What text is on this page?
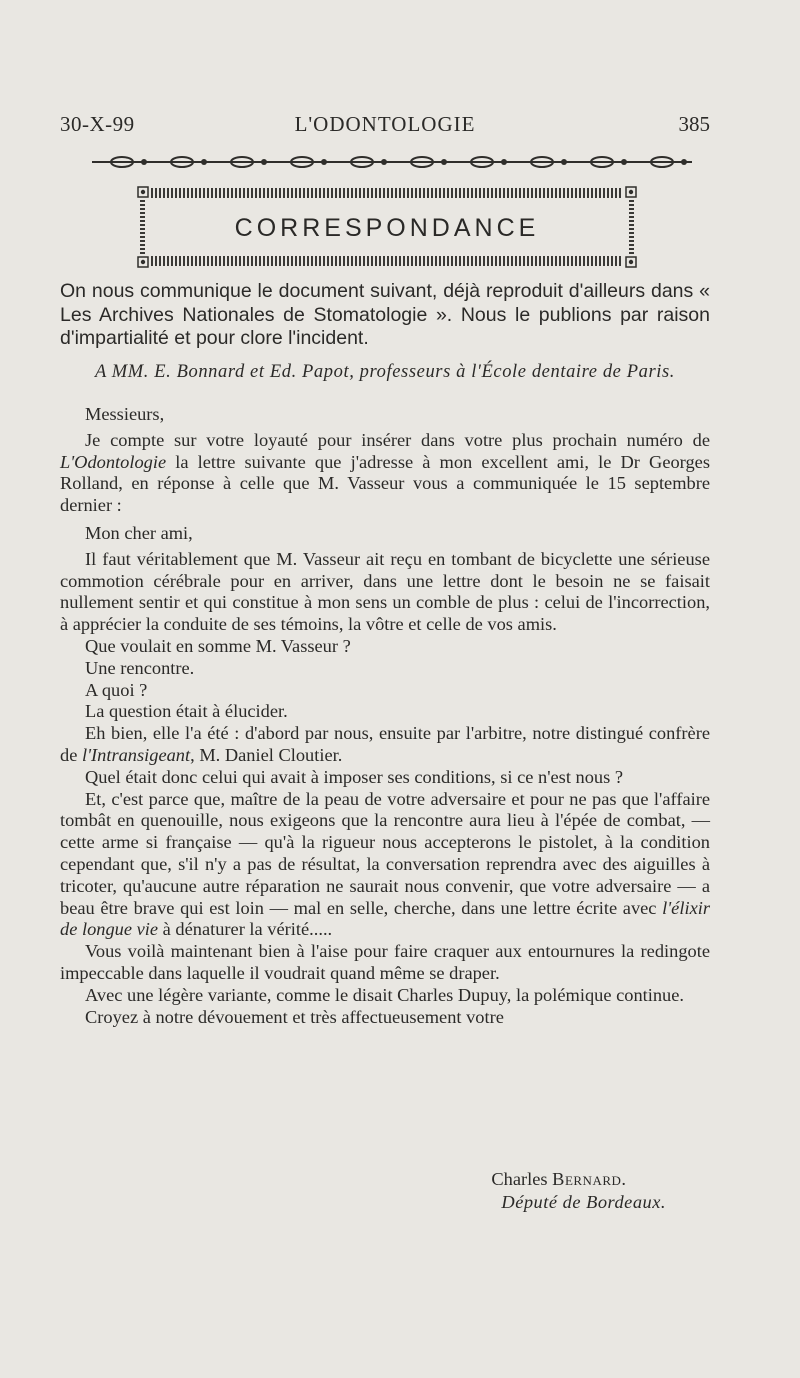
30-X-99	L'ODONTOLOGIE	385
CORRESPONDANCE

On nous communique le document suivant, déjà reproduit d'ailleurs dans « Les Archives Nationales de Stomatologie ». Nous le publions par raison d'impartialité et pour clore l'incident.

A MM. E. Bonnard et Ed. Papot, professeurs à l'École dentaire de Paris.

Messieurs,

Je compte sur votre loyauté pour insérer dans votre plus prochain numéro de L'Odontologie la lettre suivante que j'adresse à mon excellent ami, le Dr Georges Rolland, en réponse à celle que M. Vasseur vous a communiquée le 15 septembre dernier :

Mon cher ami,

Il faut véritablement que M. Vasseur ait reçu en tombant de bicyclette une sérieuse commotion cérébrale pour en arriver, dans une lettre dont le besoin ne se faisait nullement sentir et qui constitue à mon sens un comble de plus : celui de l'incorrection, à apprécier la conduite de ses témoins, la vôtre et celle de vos amis.

Que voulait en somme M. Vasseur ?

Une rencontre.

A quoi ?

La question était à élucider.

Eh bien, elle l'a été : d'abord par nous, ensuite par l'arbitre, notre distingué confrère de l'Intransigeant, M. Daniel Cloutier.

Quel était donc celui qui avait à imposer ses conditions, si ce n'est nous ?

Et, c'est parce que, maître de la peau de votre adversaire et pour ne pas que l'affaire tombât en quenouille, nous exigeons que la rencontre aura lieu à l'épée de combat, — cette arme si française — qu'à la rigueur nous accepterons le pistolet, à la condition cependant que, s'il n'y a pas de résultat, la conversation reprendra avec des aiguilles à tricoter, qu'aucune autre réparation ne saurait nous convenir, que votre adversaire — a beau être brave qui est loin — mal en selle, cherche, dans une lettre écrite avec l'élixir de longue vie à dénaturer la vérité.....

Vous voilà maintenant bien à l'aise pour faire craquer aux entournures la redingote impeccable dans laquelle il voudrait quand même se draper.

Avec une légère variante, comme le disait Charles Dupuy, la polémique continue.

Croyez à notre dévouement et très affectueusement votre

Charles Bernard.
Député de Bordeaux.
